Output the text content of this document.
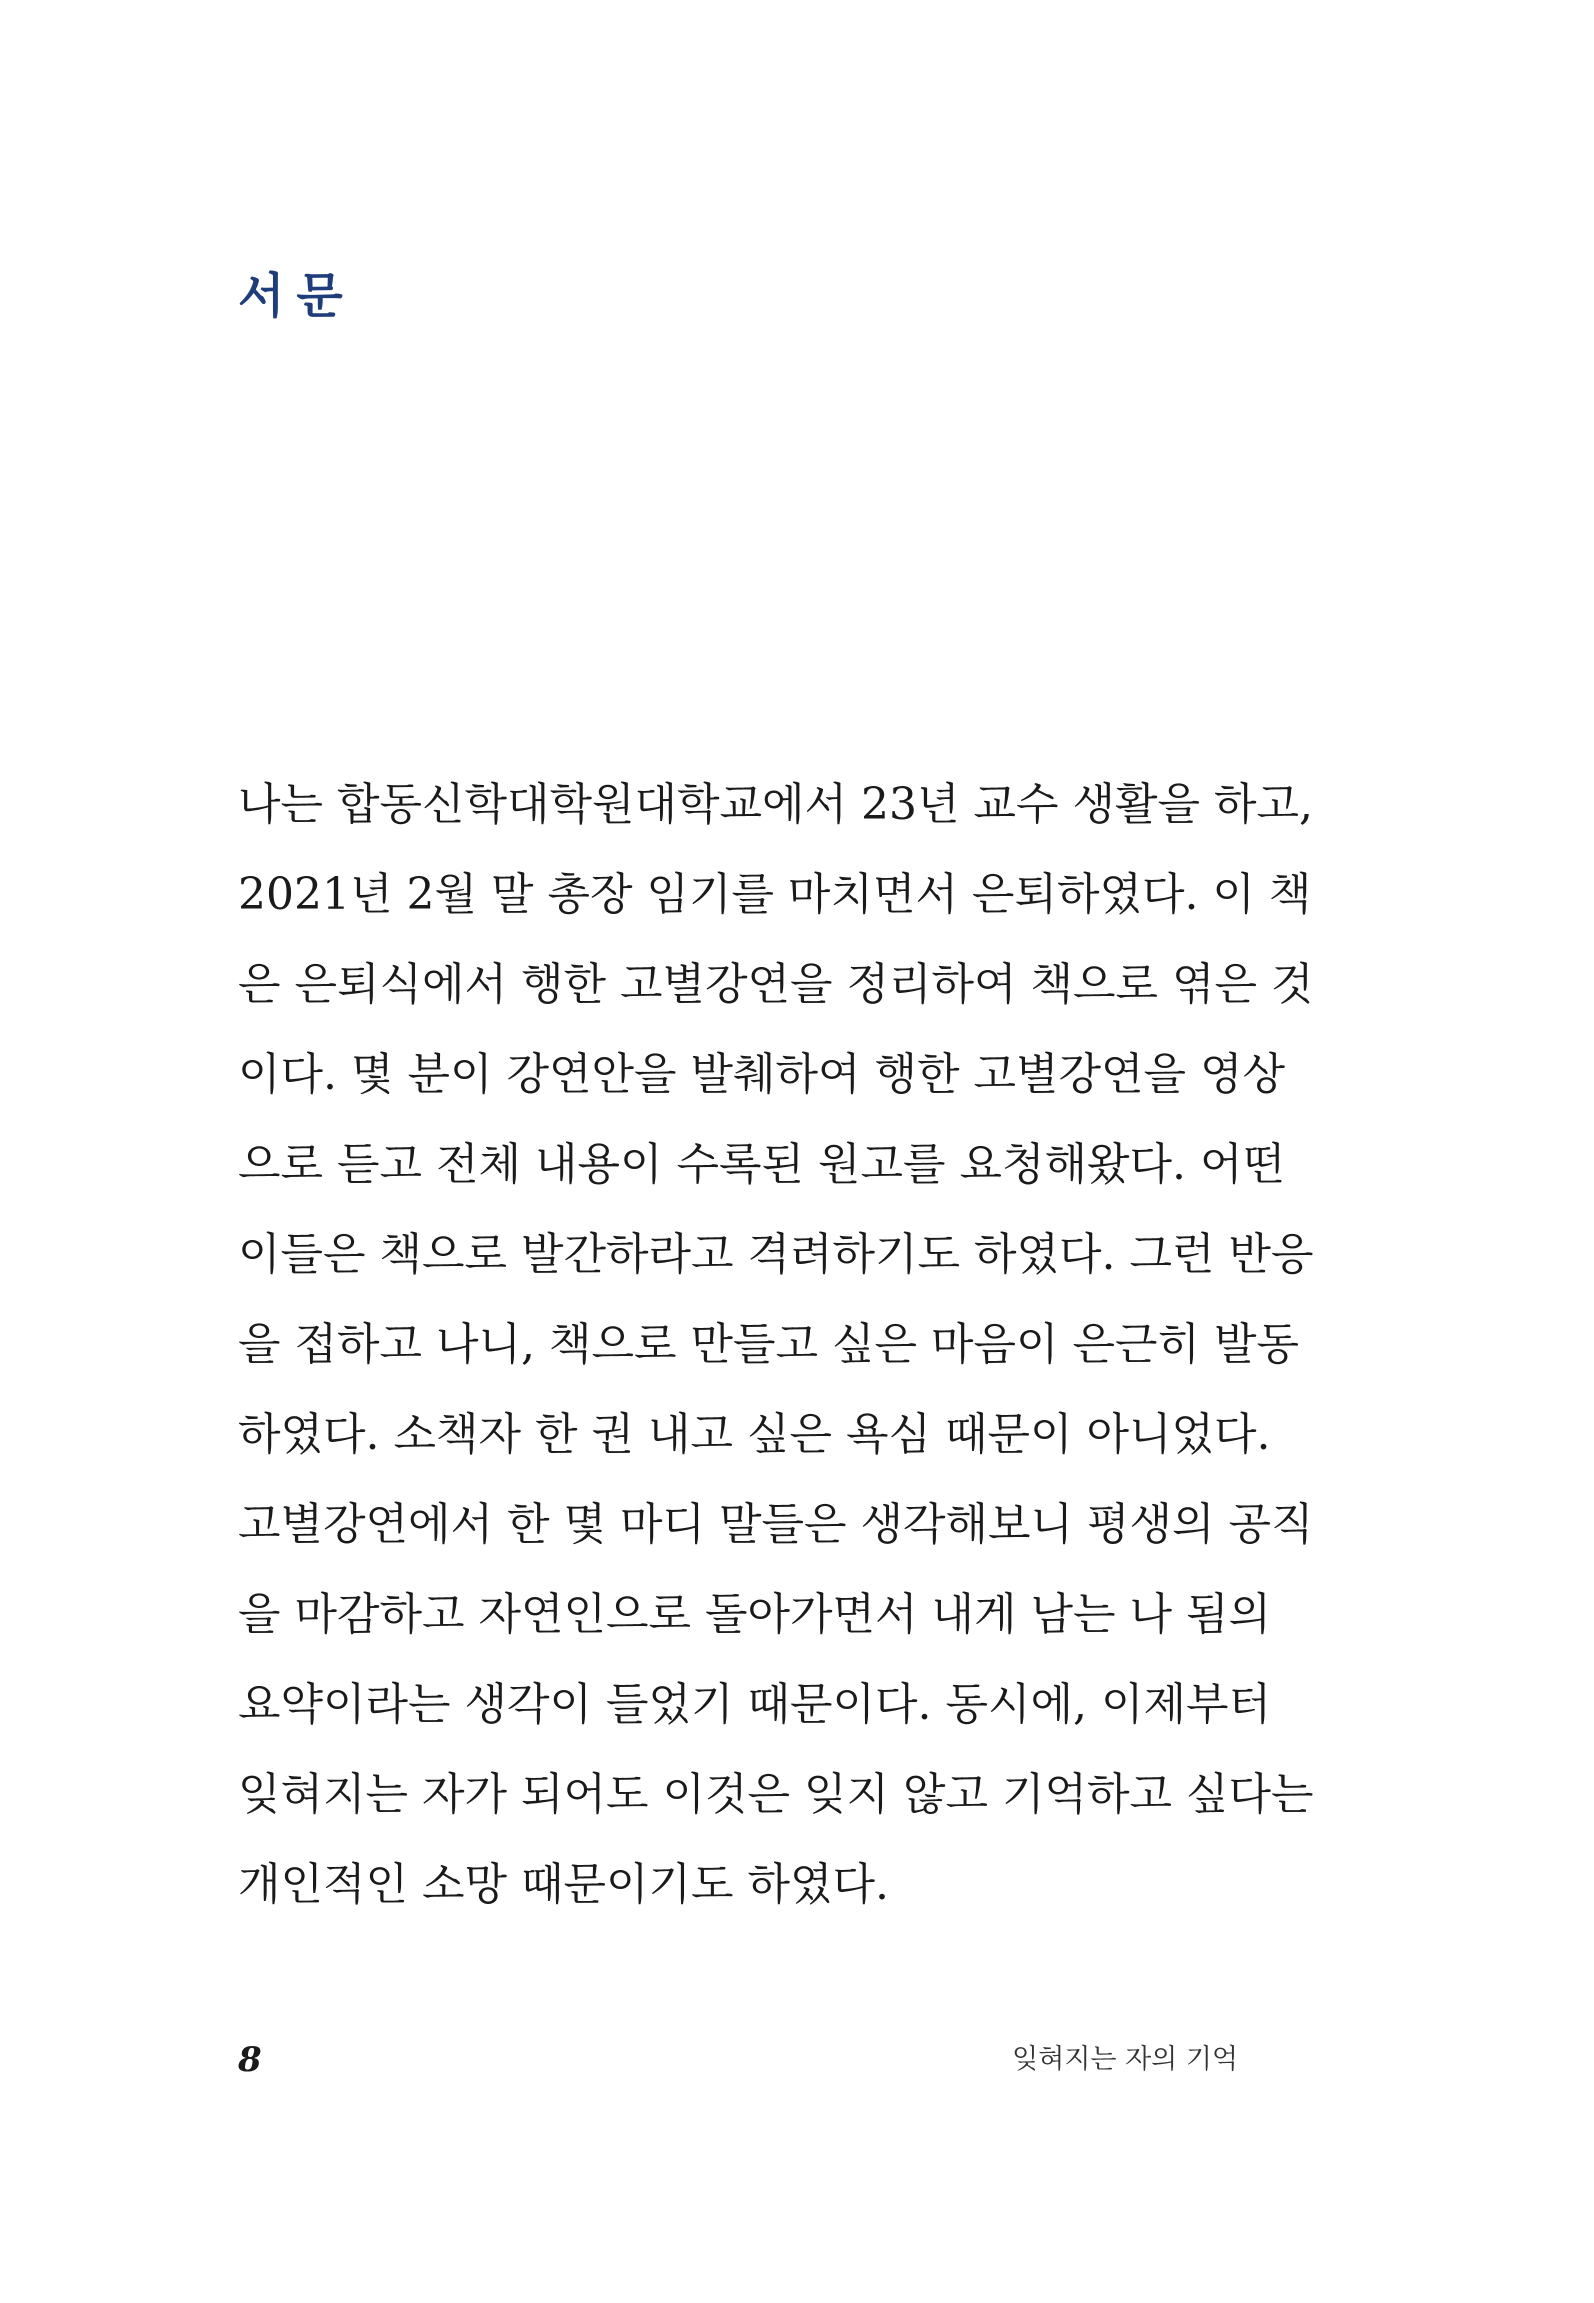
서문
나는 합동신학대학원대학교에서 23년 교수 생활을 하고,
2021년 2월 말 총장 임기를 마치면서 은퇴하였다. 이 책
은 은퇴식에서 행한 고별강연을 정리하여 책으로 엮은 것
이다. 몇 분이 강연안을 발췌하여 행한 고별강연을 영상
으로 듣고 전체 내용이 수록된 원고를 요청해왔다. 어떤
이들은 책으로 발간하라고 격려하기도 하였다. 그런 반응
을 접하고 나니, 책으로 만들고 싶은 마음이 은근히 발동
하였다. 소책자 한 권 내고 싶은 욕심 때문이 아니었다.
고별강연에서 한 몇 마디 말들은 생각해보니 평생의 공직
을 마감하고 자연인으로 돌아가면서 내게 남는 나 됨의
요약이라는 생각이 들었기 때문이다. 동시에, 이제부터
잊혀지는 자가 되어도 이것은 잊지 않고 기억하고 싶다는
개인적인 소망 때문이기도 하였다.
8	잊혀지는 자의 기억
